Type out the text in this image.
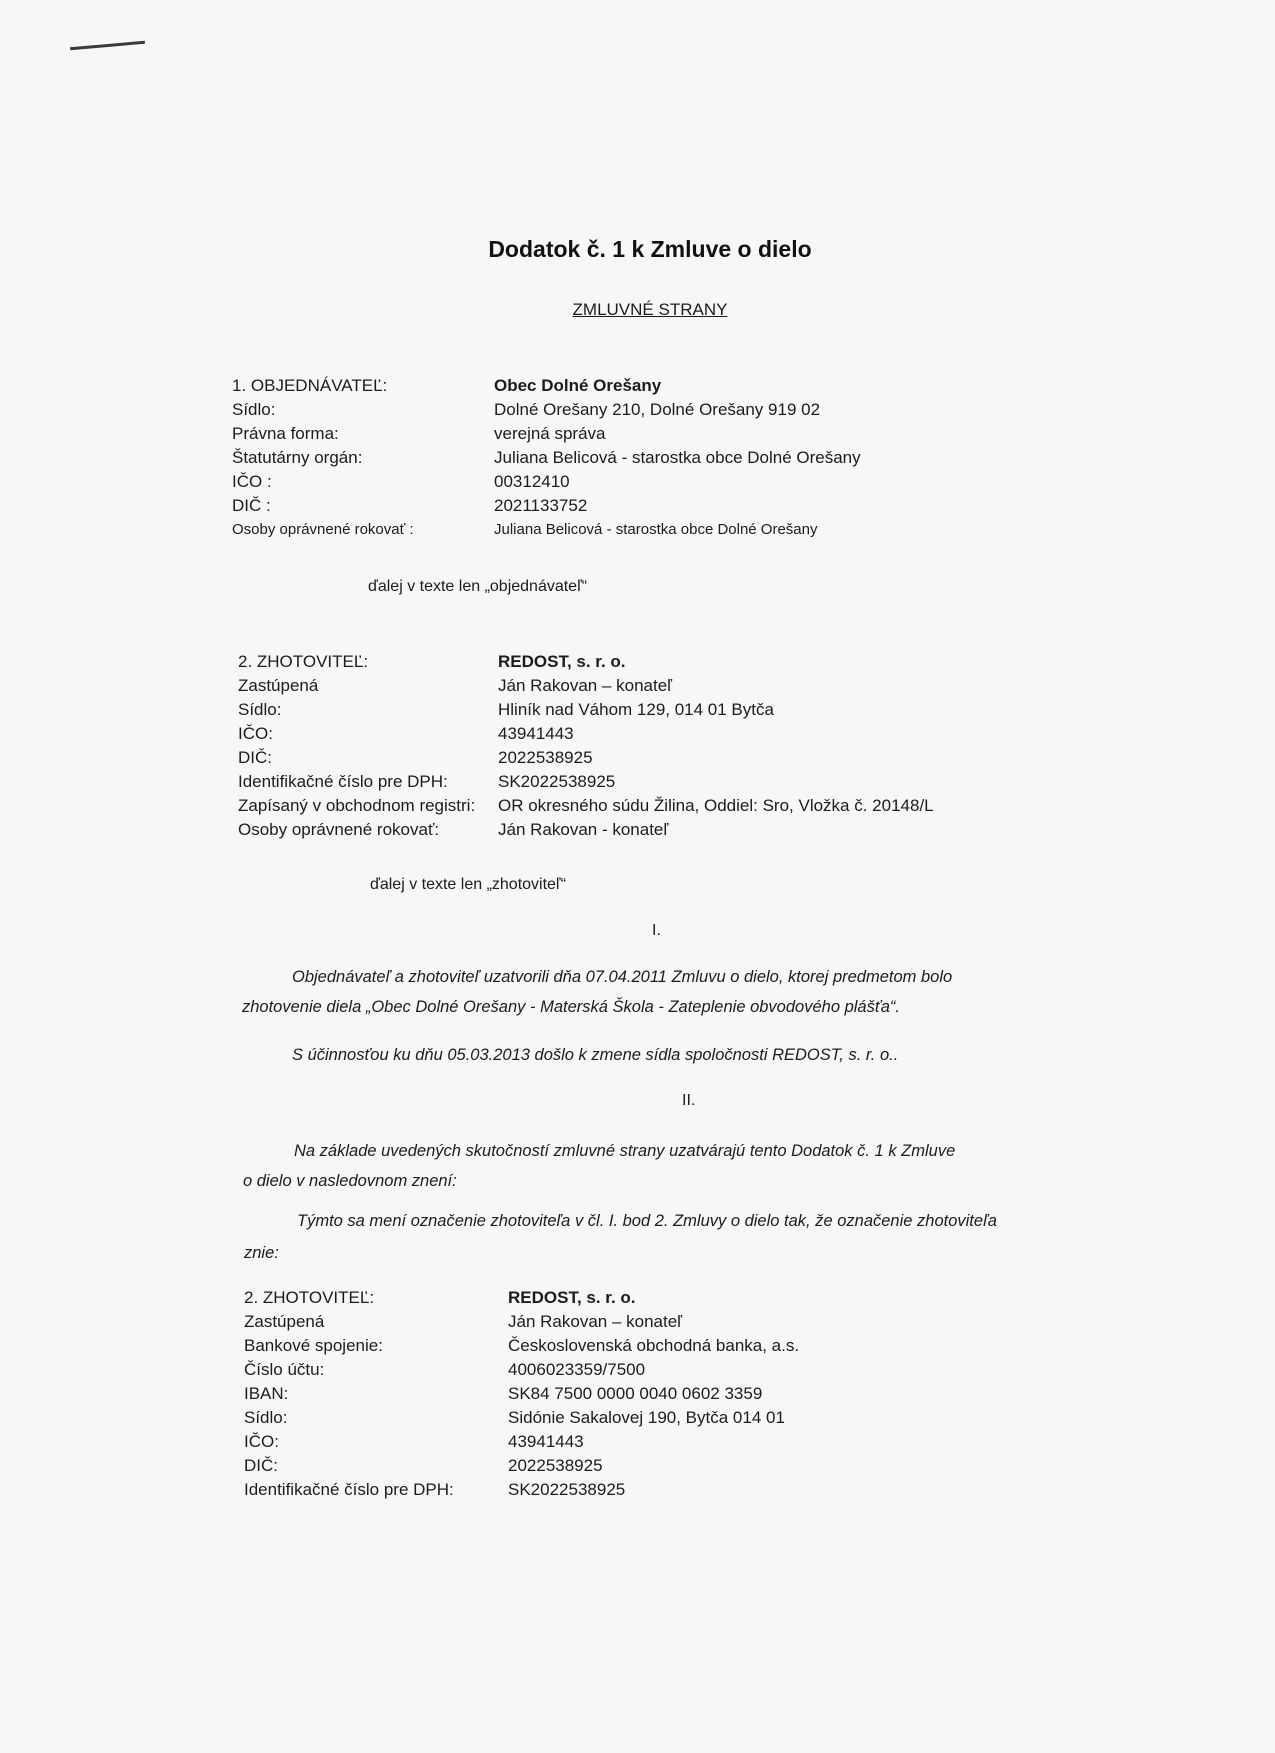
Dodatok č. 1 k Zmluve o dielo
ZMLUVNÉ STRANY
1. OBJEDNÁVATEĽ:	Obec Dolné Orešany
Sídlo:	Dolné Orešany 210, Dolné Orešany 919 02
Právna forma:	verejná správa
Štatutárny orgán:	Juliana Belicová - starostka obce Dolné Orešany
IČO :	00312410
DIČ :	2021133752
Osoby oprávnené rokovať :	Juliana Belicová - starostka obce Dolné Orešany
ďalej v texte len „objednávateľ“
2. ZHOTOVITEĽ:	REDOST, s. r. o.
Zastúpená	Ján Rakovan – konateľ
Sídlo:	Hliník nad Váhom 129, 014 01 Bytča
IČO:	43941443
DIČ:	2022538925
Identifikačné číslo pre DPH:	SK2022538925
Zapísaný v obchodnom registri:	OR okresného súdu Žilina, Oddiel: Sro, Vložka č. 20148/L
Osoby oprávnené rokovať:	Ján Rakovan - konateľ
ďalej v texte len „zhotoviteľ“
I.
Objednávateľ a zhotoviteľ uzatvorili dňa 07.04.2011 Zmluvu o dielo, ktorej predmetom bolo
zhotovenie diela „Obec Dolné Orešany - Materská Škola - Zateplenie obvodového plášťa“.
S účinnosťou ku dňu 05.03.2013 došlo k zmene sídla spoločnosti REDOST, s. r. o..
II.
Na základe uvedených skutočností zmluvné strany uzatvárajú tento Dodatok č. 1 k Zmluve
o dielo v nasledovnom znení:
Týmto sa mení označenie zhotoviteľa v čl. I. bod 2. Zmluvy o dielo tak, že označenie zhotoviteľa
znie:
2. ZHOTOVITEĽ:	REDOST, s. r. o.
Zastúpená	Ján Rakovan – konateľ
Bankové spojenie:	Československá obchodná banka, a.s.
Číslo účtu:	4006023359/7500
IBAN:	SK84 7500 0000 0040 0602 3359
Sídlo:	Sidónie Sakalovej 190, Bytča 014 01
IČO:	43941443
DIČ:	2022538925
Identifikačné číslo pre DPH:	SK2022538925
